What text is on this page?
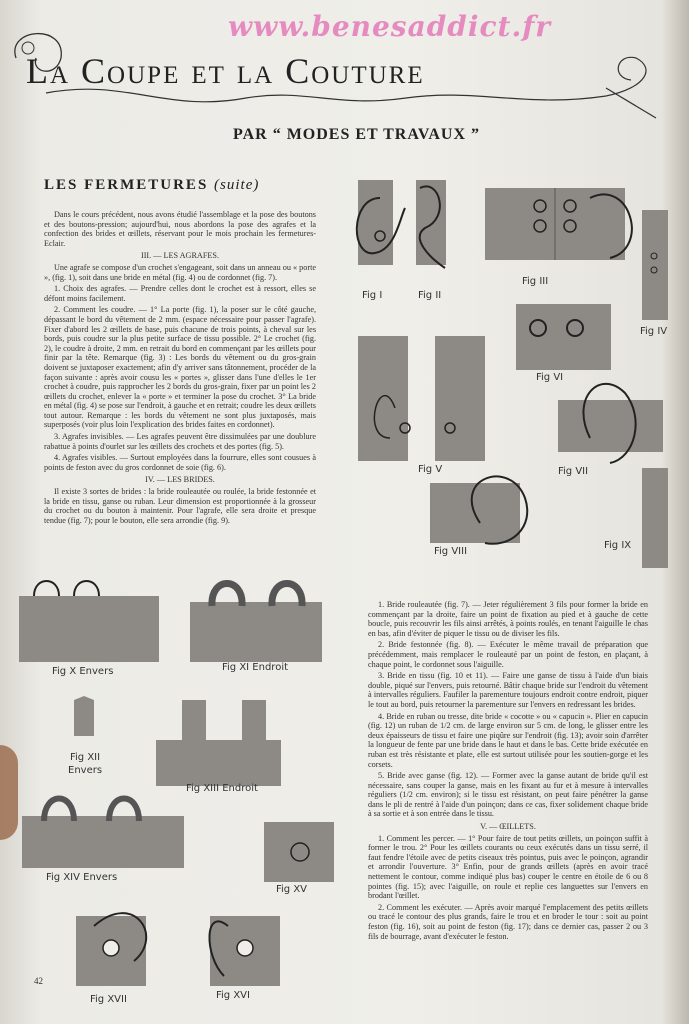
www.benesaddict.fr
La Coupe et la Couture
PAR “ MODES ET TRAVAUX ”
LES FERMETURES (suite)

Dans le cours précédent, nous avons étudié l'assemblage et la pose des boutons et des boutons-pression; aujourd'hui, nous abordons la pose des agrafes et la confection des brides et œillets, réservant pour le mois prochain les fermetures-Eclair.

III. — LES AGRAFES.

Une agrafe se compose d'un crochet s'engageant, soit dans un anneau ou « porte », (fig. 1), soit dans une bride en métal (fig. 4) ou de cordonnet (fig. 7).

1. Choix des agrafes. — Prendre celles dont le crochet est à ressort, elles se défont moins facilement.

2. Comment les coudre. — 1° La porte (fig. 1), la poser sur le côté gauche, dépassant le bord du vêtement de 2 mm. (espace nécessaire pour passer l'agrafe). Fixer d'abord les 2 œillets de base, puis chacune de trois points, à cheval sur les bords, puis coudre sur la plus petite surface de tissu possible. 2° Le crochet (fig. 2), le coudre à droite, 2 mm. en retrait du bord en commençant par les œillets pour finir par la tête. Remarque (fig. 3) : Les bords du vêtement ou du gros-grain doivent se juxtaposer exactement; afin d'y arriver sans tâtonnement, procéder de la façon suivante : après avoir cousu les « portes », glisser dans l'une d'elles le 1er crochet à coudre, puis rapprocher les 2 bords du gros-grain, fixer par un point les 2 œillets du crochet, enlever la « porte » et terminer la pose du crochet. 3° La bride en métal (fig. 4) se pose sur l'endroit, à gauche et en retrait; coudre les deux œillets tout autour. Remarque : les bords du vêtement ne sont plus juxtaposés, mais superposés (voir plus loin l'explication des brides faites en cordonnet).

3. Agrafes invisibles. — Les agrafes peuvent être dissimulées par une doublure rabattue à points d'ourlet sur les œillets des crochets et des portes (fig. 5).

4. Agrafes visibles. — Surtout employées dans la fourrure, elles sont cousues à points de feston avec du gros cordonnet de soie (fig. 6).

IV. — LES BRIDES.

Il existe 3 sortes de brides : la bride rouleautée ou roulée, la bride festonnée et la bride en tissu, ganse ou ruban. Leur dimension est proportionnée à la grosseur du crochet ou du bouton à maintenir. Pour l'agrafe, elle sera droite et presque tendue (fig. 7); pour le bouton, elle sera arrondie (fig. 9).

1. Bride rouleautée (fig. 7). — Jeter régulièrement 3 fils pour former la bride en commençant par la droite, faire un point de fixation au pied et à gauche de cette boucle, puis recouvrir les fils ainsi arrêtés, à points roulés, en tenant l'aiguille le chas en bas, afin d'éviter de piquer le tissu ou de diviser les fils.

2. Bride festonnée (fig. 8). — Exécuter le même travail de préparation que précédemment, mais remplacer le rouleauté par un point de feston, en plaçant, à chaque point, le cordonnet sous l'aiguille.

3. Bride en tissu (fig. 10 et 11). — Faire une ganse de tissu à l'aide d'un biais double, piqué sur l'envers, puis retourné. Bâtir chaque bride sur l'endroit du vêtement à intervalles réguliers. Faufiler la parementure toujours endroit contre endroit, piquer le tout au bord, puis retourner la parementure sur l'envers en redressant les brides.

4. Bride en ruban ou tresse, dite bride « cocotte » ou « capucin ». Plier en capucin (fig. 12) un ruban de 1/2 cm. de large environ sur 5 cm. de long, le glisser entre les deux épaisseurs de tissu et faire une piqûre sur l'endroit (fig. 13); avoir soin d'arrêter la longueur de fente par une bride dans le haut et dans le bas. Cette bride exécutée en ruban est très résistante et plate, elle est surtout utilisée pour les soutien-gorge et les corsets.

5. Bride avec ganse (fig. 12). — Former avec la ganse autant de bride qu'il est nécessaire, sans couper la ganse, mais en les fixant au fur et à mesure à intervalles réguliers (1/2 cm. environ); si le tissu est résistant, on peut faire pénétrer la ganse dans le pli de rentré à l'aide d'un poinçon; dans ce cas, fixer solidement chaque bride à sa sortie et à son entrée dans le tissu.

V. — ŒILLETS.

1. Comment les percer. — 1° Pour faire de tout petits œillets, un poinçon suffit à former le trou. 2° Pour les œillets courants ou ceux exécutés dans un tissu serré, il faut fendre l'étoile avec de petits ciseaux très pointus, puis avec le poinçon, agrandir et arrondir l'ouverture. 3° Enfin, pour de grands œillets (après en avoir tracé nettement le contour, comme indiqué plus bas) couper le centre en étoile de 6 ou 8 pointes (fig. 15); avec l'aiguille, on roule et replie ces languettes sur l'envers en brodant l'œillet.

2. Comment les exécuter. — Après avoir marqué l'emplacement des petits œillets ou tracé le contour des plus grands, faire le trou et en broder le tour : soit au point feston (fig. 16), soit au point de feston (fig. 17); dans ce dernier cas, passer 2 ou 3 fils de bourrage, avant d'exécuter le feston.

Fig I	Fig II
Fig III
Fig IV
Fig VI
Fig V	Fig VII
Fig VIII
Fig IX
Fig X Envers	Fig XI Endroit
Fig XII
Envers
Fig XIII Endroit
Fig XIV Envers
Fig XV
Fig XVII	Fig XVI
42
